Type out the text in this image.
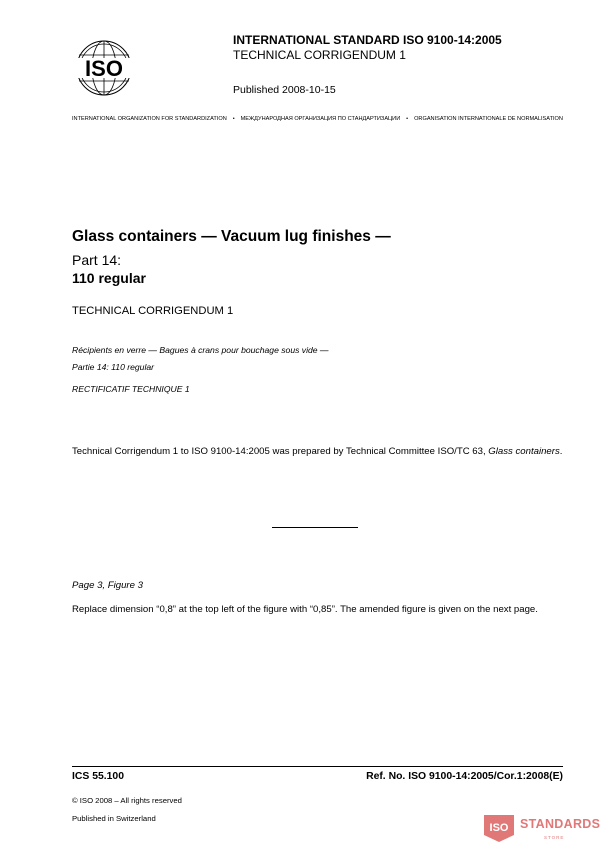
ISO
INTERNATIONAL STANDARD ISO 9100-14:2005
TECHNICAL CORRIGENDUM 1
Published 2008-10-15
INTERNATIONAL ORGANIZATION FOR STANDARDIZATION • МЕЖДУНАРОДНАЯ ОРГАНИЗАЦИЯ ПО СТАНДАРТИЗАЦИИ • ORGANISATION INTERNATIONALE DE NORMALISATION
Glass containers — Vacuum lug finishes —
Part 14:
110 regular
TECHNICAL CORRIGENDUM 1
Récipients en verre — Bagues à crans pour bouchage sous vide —
Partie 14: 110 regular
RECTIFICATIF TECHNIQUE 1
Technical Corrigendum 1 to ISO 9100-14:2005 was prepared by Technical Committee ISO/TC 63, Glass containers.
Page 3, Figure 3
Replace dimension “0,8” at the top left of the figure with “0,85”. The amended figure is given on the next page.
ICS 55.100	Ref. No. ISO 9100-14:2005/Cor.1:2008(E)
© ISO 2008 – All rights reserved
Published in Switzerland
ISO STANDARDS
STORE
